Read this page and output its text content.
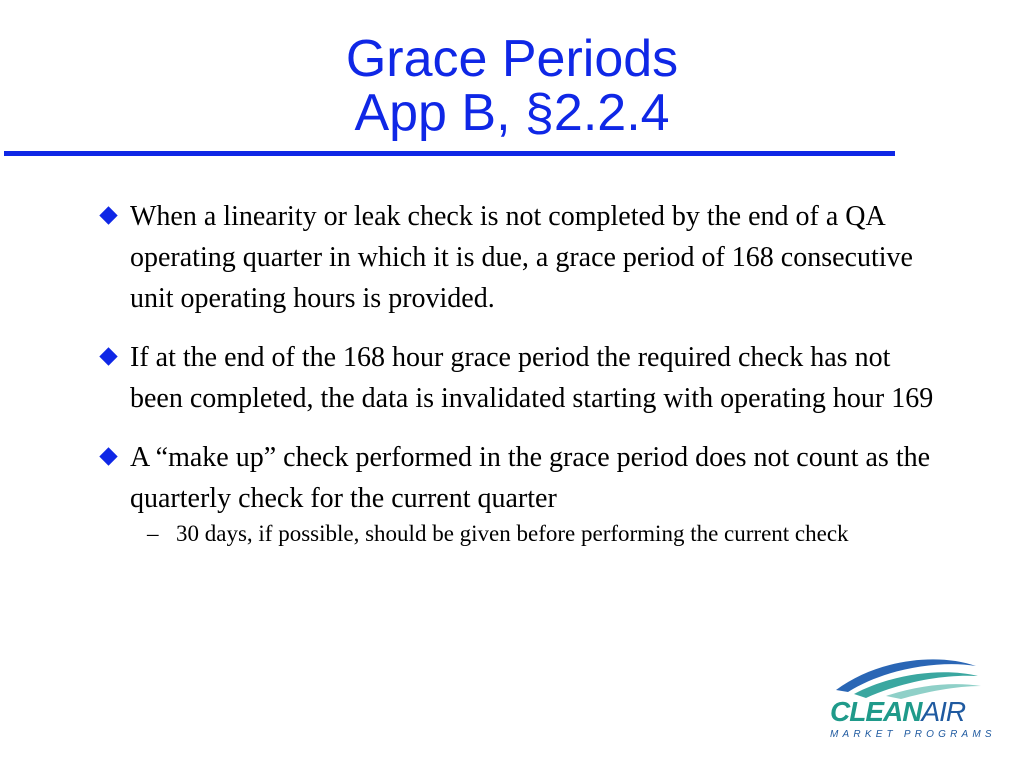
Grace Periods
App B, §2.2.4
When a linearity or leak check is not completed by the end of a QA operating quarter in which it is due, a grace period of 168 consecutive unit operating hours is provided.
If at the end of the 168 hour grace period the required check has not been completed, the data is invalidated starting with operating hour 169
A “make up” check performed in the grace period does not count as the quarterly check for the current quarter
– 30 days, if possible, should be given before performing the current check
CLEANAIR
MARKET PROGRAMS
